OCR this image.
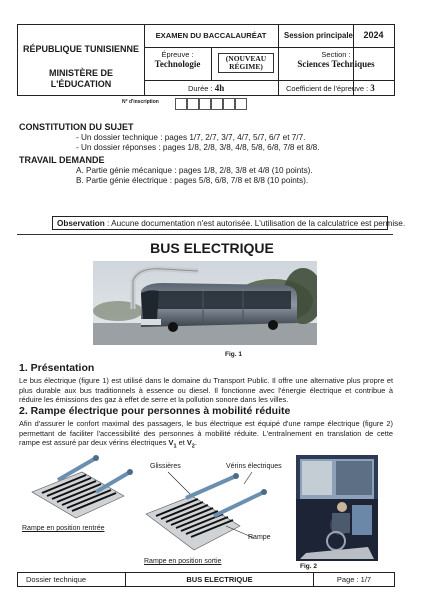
RÉPUBLIQUE TUNISIENNE
MINISTÈRE DE L'ÉDUCATION
EXAMEN DU BACCALAURÉAT	Session principale	2024
Épreuve :
Technologie
(NOUVEAU
RÉGIME)
Section :
Sciences Techniques
Durée : 4h	Coefficient de l'épreuve : 3
N° d'inscription
CONSTITUTION DU SUJET
- Un dossier technique : pages 1/7, 2/7, 3/7, 4/7, 5/7, 6/7 et 7/7.
- Un dossier réponses : pages 1/8, 2/8, 3/8, 4/8, 5/8, 6/8, 7/8 et 8/8.
TRAVAIL DEMANDE
A. Partie génie mécanique : pages 1/8, 2/8, 3/8 et 4/8 (10 points).
B. Partie génie électrique : pages 5/8, 6/8, 7/8 et 8/8 (10 points).
Observation : Aucune documentation n'est autorisée. L'utilisation de la calculatrice est permise.
BUS ELECTRIQUE
Fig. 1
1. Présentation
Le bus électrique (figure 1) est utilisé dans le domaine du Transport Public. Il offre une alternative plus propre et plus durable aux bus traditionnels à essence ou diesel. Il fonctionne avec l'énergie électrique et contribue à réduire les émissions des gaz à effet de serre et la pollution sonore dans les villes.
2. Rampe électrique pour personnes à mobilité réduite
Afin d'assurer le confort maximal des passagers, le bus électrique est équipé d'une rampe électrique (figure 2) permettant de faciliter l'accessibilité des personnes à mobilité réduite. L'entraînement en translation de cette rampe est assuré par deux vérins électriques $V_1$ et $V_2$.
Rampe en position rentrée
Glissières	Vérins électriques
Rampe
Rampe en position sortie
Fig. 2
Dossier technique	BUS ELECTRIQUE	Page : 1/7
